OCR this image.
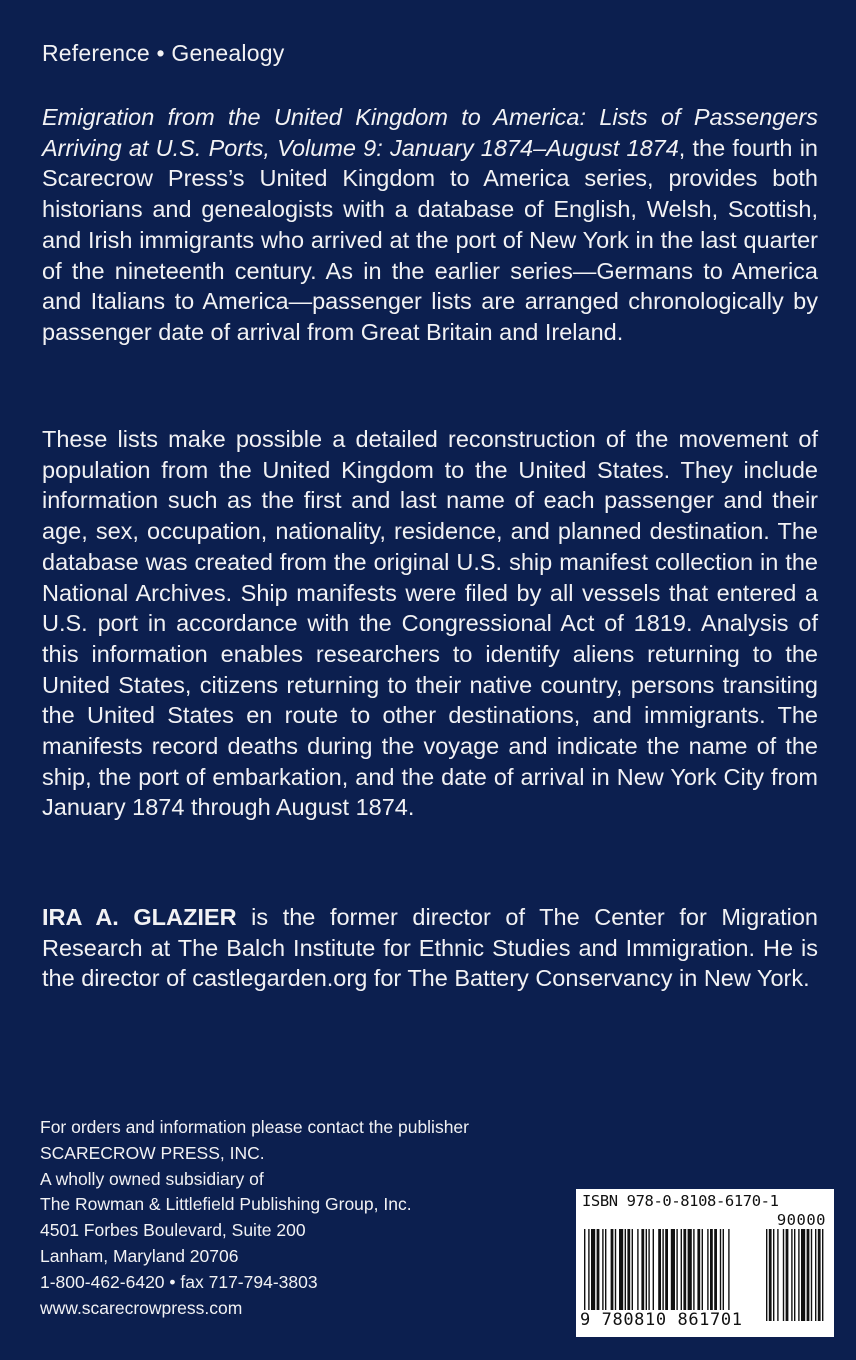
Reference • Genealogy

Emigration from the United Kingdom to America: Lists of Passengers Arriving at U.S. Ports, Volume 9: January 1874–August 1874, the fourth in Scarecrow Press’s United Kingdom to America series, provides both historians and genealogists with a database of English, Welsh, Scottish, and Irish immigrants who arrived at the port of New York in the last quarter of the nineteenth century. As in the earlier series—Germans to America and Italians to America—passenger lists are arranged chronologically by passenger date of arrival from Great Britain and Ireland.

These lists make possible a detailed reconstruction of the movement of population from the United Kingdom to the United States. They include information such as the first and last name of each passenger and their age, sex, occupation, nationality, residence, and planned destination. The database was created from the original U.S. ship manifest collection in the National Archives. Ship manifests were filed by all vessels that entered a U.S. port in accordance with the Congressional Act of 1819. Analysis of this information enables researchers to identify aliens returning to the United States, citizens returning to their native country, persons transiting the United States en route to other destinations, and immigrants. The manifests record deaths during the voyage and indicate the name of the ship, the port of embarkation, and the date of arrival in New York City from January 1874 through August 1874.

IRA A. GLAZIER is the former director of The Center for Migration Research at The Balch Institute for Ethnic Studies and Immigration. He is the director of castlegarden.org for The Battery Conservancy in New York.

For orders and information please contact the publisher
SCARECROW PRESS, INC.
A wholly owned subsidiary of
The Rowman & Littlefield Publishing Group, Inc.
4501 Forbes Boulevard, Suite 200
Lanham, Maryland 20706
1-800-462-6420 • fax 717-794-3803
www.scarecrowpress.com
ISBN 978-0-8108-6170-1
90000
9 780810 861701
